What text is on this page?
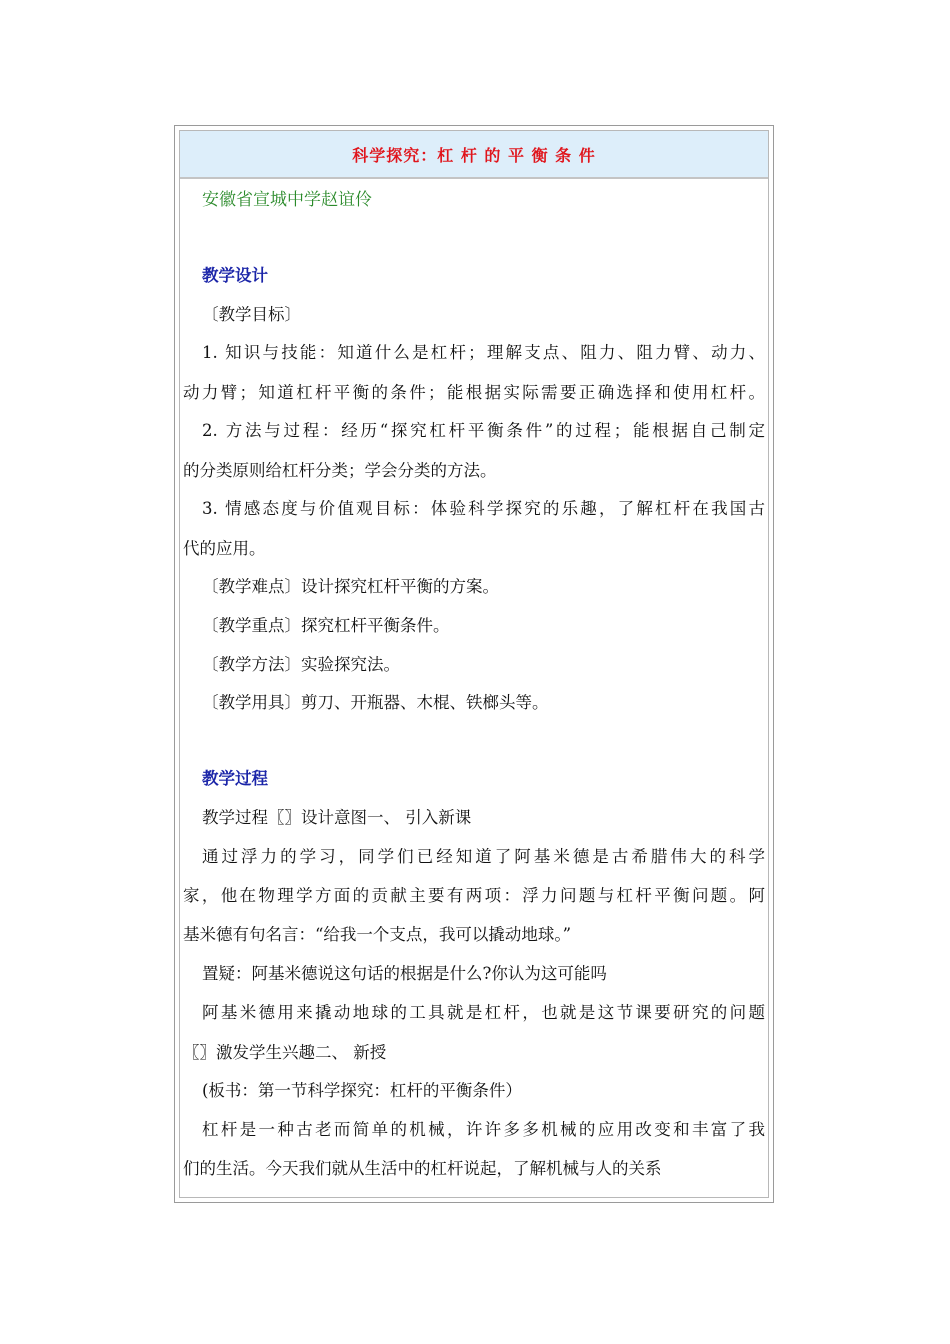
科学探究：杠 杆 的 平 衡 条 件
安徽省宣城中学赵谊伶
教学设计
〔教学目标〕
1. 知识与技能：知道什么是杠杆；理解支点、阻力、阻力臂、动力、
动力臂；知道杠杆平衡的条件；能根据实际需要正确选择和使用杠杆。
2. 方法与过程：经历“探究杠杆平衡条件”的过程；能根据自己制定
的分类原则给杠杆分类；学会分类的方法。
3. 情感态度与价值观目标：体验科学探究的乐趣，了解杠杆在我国古
代的应用。
〔教学难点〕设计探究杠杆平衡的方案。
〔教学重点〕探究杠杆平衡条件。
〔教学方法〕实验探究法。
〔教学用具〕剪刀、开瓶器、木棍、铁榔头等。
教学过程
教学过程〖〗设计意图一、 引入新课
通过浮力的学习，同学们已经知道了阿基米德是古希腊伟大的科学
家，他在物理学方面的贡献主要有两项：浮力问题与杠杆平衡问题。阿
基米德有句名言：“给我一个支点，我可以撬动地球。”
置疑：阿基米德说这句话的根据是什么?你认为这可能吗
阿基米德用来撬动地球的工具就是杠杆，也就是这节课要研究的问题
〖〗激发学生兴趣二、 新授
(板书：第一节科学探究：杠杆的平衡条件）
杠杆是一种古老而简单的机械，许许多多机械的应用改变和丰富了我
们的生活。今天我们就从生活中的杠杆说起，了解机械与人的关系
